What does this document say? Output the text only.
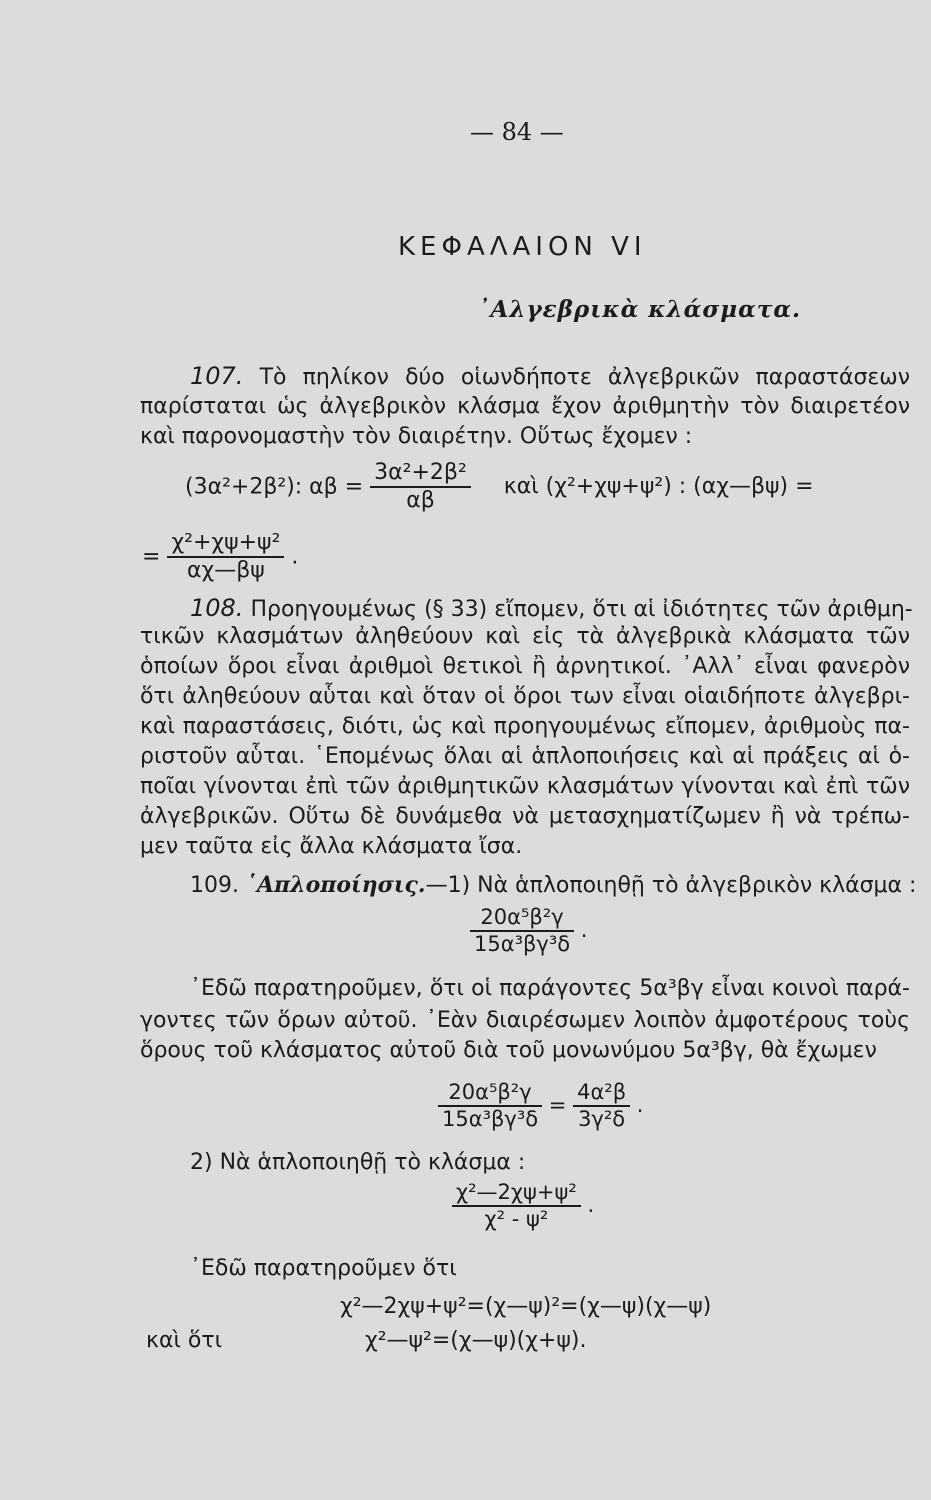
— 84 —
ΚΕΦΑΛΑΙΟΝ VI
᾿Αλγεβρικὰ κλάσματα.
107. Τὸ πηλίκον δύο οἱωνδήποτε ἀλγεβρικῶν παραστάσεων
παρίσταται ὡς ἀλγεβρικὸν κλάσμα ἔχον ἀριθμητὴν τὸν διαιρετέον
καὶ παρονομαστὴν τὸν διαιρέτην. Οὕτως ἔχομεν :
(3α²+2β²): $\alpha\beta = \frac{\text{3α²+2β²}}{\alpha\beta}$ καὶ (χ²+χψ+ψ²) : (αχ—βψ) =
= $\frac{\text{χ²+χψ+ψ²}}{\alpha\chi—\beta\psi}$ .
108. Προηγουμένως (§ 33) εἴπομεν, ὅτι αἱ ἰδιότητες τῶν ἀριθμη-
τικῶν κλασμάτων ἀληθεύουν καὶ εἰς τὰ ἀλγεβρικὰ κλάσματα τῶν
ὁποίων ὅροι εἶναι ἀριθμοὶ θετικοὶ ἢ ἀρνητικοί. ᾿Αλλ᾿ εἶναι φανερὸν
ὅτι ἀληθεύουν αὗται καὶ ὅταν οἱ ὅροι των εἶναι οἱαιδήποτε ἀλγεβρι-
καὶ παραστάσεις, διότι, ὡς καὶ προηγουμένως εἴπομεν, ἀριθμοὺς πα-
ριστοῦν αὗται. ῾Επομένως ὅλαι αἱ ἁπλοποιήσεις καὶ αἱ πράξεις αἱ ὁ-
ποῖαι γίνονται ἐπὶ τῶν ἀριθμητικῶν κλασμάτων γίνονται καὶ ἐπὶ τῶν
ἀλγεβρικῶν. Οὕτω δὲ δυνάμεθα νὰ μετασχηματίζωμεν ἢ νὰ τρέπω-
μεν ταῦτα εἰς ἄλλα κλάσματα ἴσα.
109. ῾Απλοποίησις.—1) Νὰ ἁπλοποιηθῇ τὸ ἀλγεβρικὸν κλάσμα :
$\frac{\text{20α⁵β²γ}}{\text{15α³βγ³δ}}$ .
᾿Εδῶ παρατηροῦμεν, ὅτι οἱ παράγοντες 5α³βγ εἶναι κοινοὶ παρά-
γοντες τῶν ὅρων αὐτοῦ. ᾿Εὰν διαιρέσωμεν λοιπὸν ἀμφοτέρους τοὺς
ὅρους τοῦ κλάσματος αὐτοῦ διὰ τοῦ μονωνύμου 5α³βγ, θὰ ἔχωμεν
$\frac{\text{20α⁵β²γ}}{\text{15α³βγ³δ}} = \frac{\text{4α²β}}{\text{3γ²δ}}$ .
2) Νὰ ἁπλοποιηθῇ τὸ κλάσμα :
$\frac{\text{χ²—2χψ+ψ²}}{\text{χ² - ψ²}}$ .
᾿Εδῶ παρατηροῦμεν ὅτι
χ²—2χψ+ψ²=(χ—ψ)²=(χ—ψ)(χ—ψ)
καὶ ὅτι	χ²—ψ²=(χ—ψ)(χ+ψ).
